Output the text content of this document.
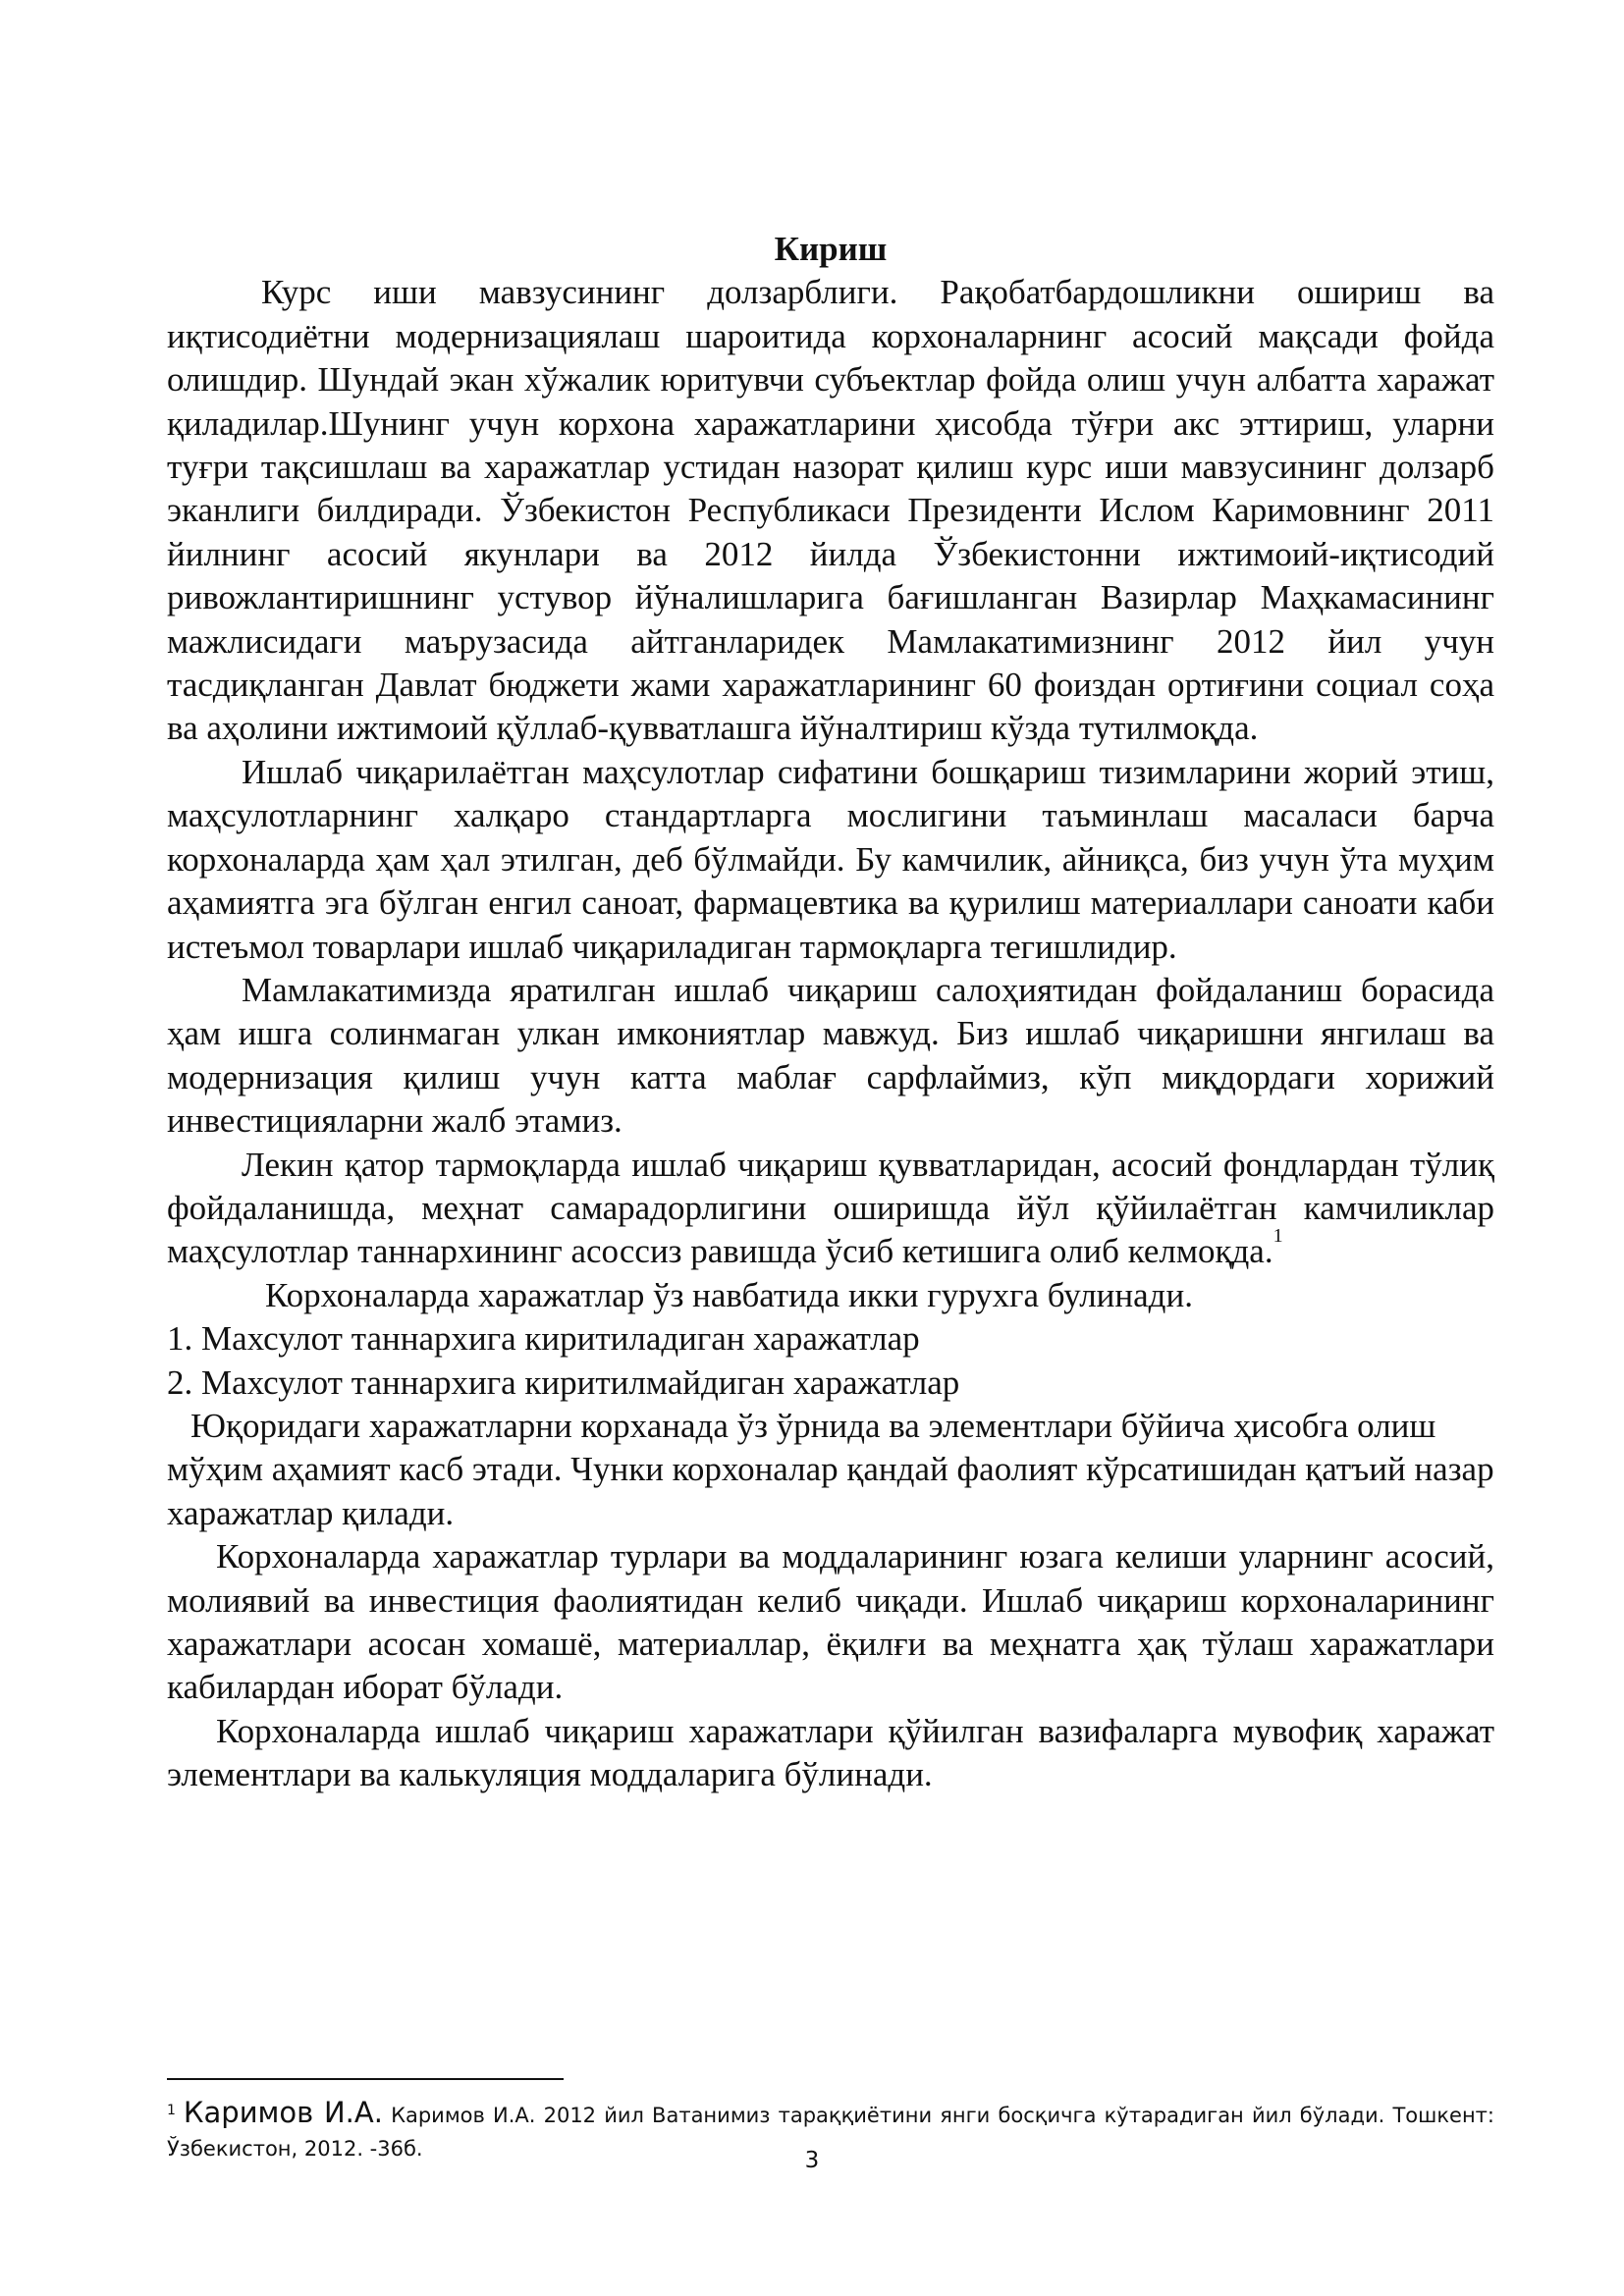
Кириш

Курс иши мавзусининг долзарблиги. Рақобатбардошликни ошириш ва иқтисодиётни модернизациялаш шароитида корхоналарнинг асосий мақсади фойда олишдир. Шундай экан хўжалик юритувчи субъектлар фойда олиш учун албатта харажат қиладилар.Шунинг учун корхона харажатларини ҳисобда тўғри акс эттириш, уларни туғри тақсишлаш ва харажатлар устидан назорат қилиш курс иши мавзусининг долзарб эканлиги билдиради. Ўзбекистон Республикаси Президенти Ислом Каримовнинг 2011 йилнинг асосий якунлари ва 2012 йилда Ўзбекистонни ижтимоий-иқтисодий ривожлантиришнинг устувор йўналишларига бағишланган Вазирлар Маҳкамасининг мажлисидаги маърузасида айтганларидек Мамлакатимизнинг 2012 йил учун тасдиқланган Давлат бюджети жами харажатларининг 60 фоиздан ортиғини социал соҳа ва аҳолини ижтимоий қўллаб-қувватлашга йўналтириш кўзда тутилмоқда.

Ишлаб чиқарилаётган маҳсулотлар сифатини бошқариш тизимларини жорий этиш, маҳсулотларнинг халқаро стандартларга мослигини таъминлаш масаласи барча корхоналарда ҳам ҳал этилган, деб бўлмайди. Бу камчилик, айниқса, биз учун ўта муҳим аҳамиятга эга бўлган енгил саноат, фармацевтика ва қурилиш материаллари саноати каби истеъмол товарлари ишлаб чиқариладиган тармоқларга тегишлидир.

Мамлакатимизда яратилган ишлаб чиқариш салоҳиятидан фойдаланиш борасида ҳам ишга солинмаган улкан имкониятлар мавжуд. Биз ишлаб чиқаришни янгилаш ва модернизация қилиш учун катта маблағ сарфлаймиз, кўп миқдордаги хорижий инвестицияларни жалб этамиз.

Лекин қатор тармоқларда ишлаб чиқариш қувватларидан, асосий фондлардан тўлиқ фойдаланишда, меҳнат самарадорлигини оширишда йўл қўйилаётган камчиликлар маҳсулотлар таннархининг асоссиз равишда ўсиб кетишига олиб келмоқда.$^1$

Корхоналарда харажатлар ўз навбатида икки гурухга булинади.

1. Махсулот таннархига киритиладиган харажатлар

2. Махсулот таннархига киритилмайдиган харажатлар

Юқоридаги харажатларни корханада ўз ўрнида ва элементлари бўйича ҳисобга олиш мўҳим аҳамият касб этади. Чунки корхоналар қандай фаолият кўрсатишидан қатъий назар харажатлар қилади.

Корхоналарда харажатлар турлари ва моддаларининг юзага келиши уларнинг асосий, молиявий ва инвестиция фаолиятидан келиб чиқади. Ишлаб чиқариш корхоналарининг харажатлари асосан хомашё, материаллар, ёқилғи ва меҳнатга ҳақ тўлаш харажатлари кабилардан иборат бўлади.

Корхоналарда ишлаб чиқариш харажатлари қўйилган вазифаларга мувофиқ харажат элементлари ва калькуляция моддаларига бўлинади.

$^1$ Каримов И.А. Каримов И.А. 2012 йил Ватанимиз тараққиётини янги босқичга кўтарадиган йил бўлади. Тошкент: Ўзбекистон, 2012. -36б.	3
